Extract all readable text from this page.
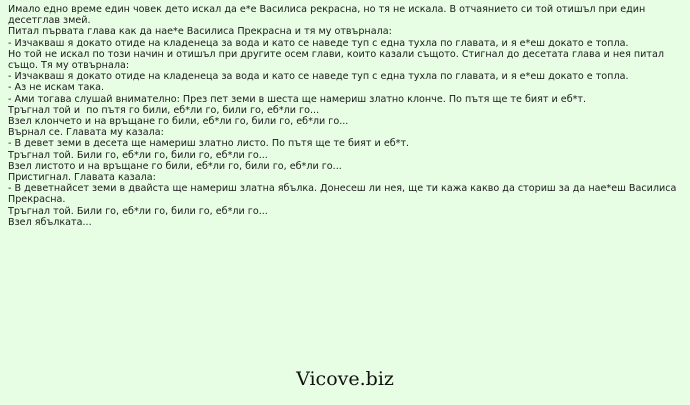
Имало едно време един човек дето искал да е*е Василиса рекрасна, но тя не искала. В отчаянието си той отишъл при един десетглав змей.
Питал първата глава как да нае*е Василиса Прекрасна и тя му отвърнала:
- Изчакваш я докато отиде на кладенеца за вода и като се наведе туп с една тухла по главата, и я е*еш докато е топла.
Но той не искал по този начин и отишъл при другите осем глави, които казали същото. Стигнал до десетата глава и нея питал също. Тя му отвърнала:
- Изчакваш я докато отиде на кладенеца за вода и като се наведе туп с една тухла по главата, и я е*еш докато е топла.
- Аз не искам така.
- Ами тогава слушай внимателно: През пет земи в шеста ще намериш златно клонче. По пътя ще те бият и еб*т.
Тръгнал той и  по пътя го били, еб*ли го, били го, еб*ли го...
Взел клончето и на връщане го били, еб*ли го, били го, еб*ли го...
Върнал се. Главата му казала:
- В девет земи в десета ще намериш златно листо. По пътя ще те бият и еб*т.
Тръгнал той. Били го, еб*ли го, били го, еб*ли го...
Взел листото и на връщане го били, еб*ли го, били го, еб*ли го...
Пристигнал. Главата казала:
- В деветнайсет земи в двайста ще намериш златна ябълка. Донесеш ли нея, ще ти кажа какво да сториш за да нае*еш Василиса Прекрасна.
Тръгнал той. Били го, еб*ли го, били го, еб*ли го...
Взел ябълката...

Vicove.biz
